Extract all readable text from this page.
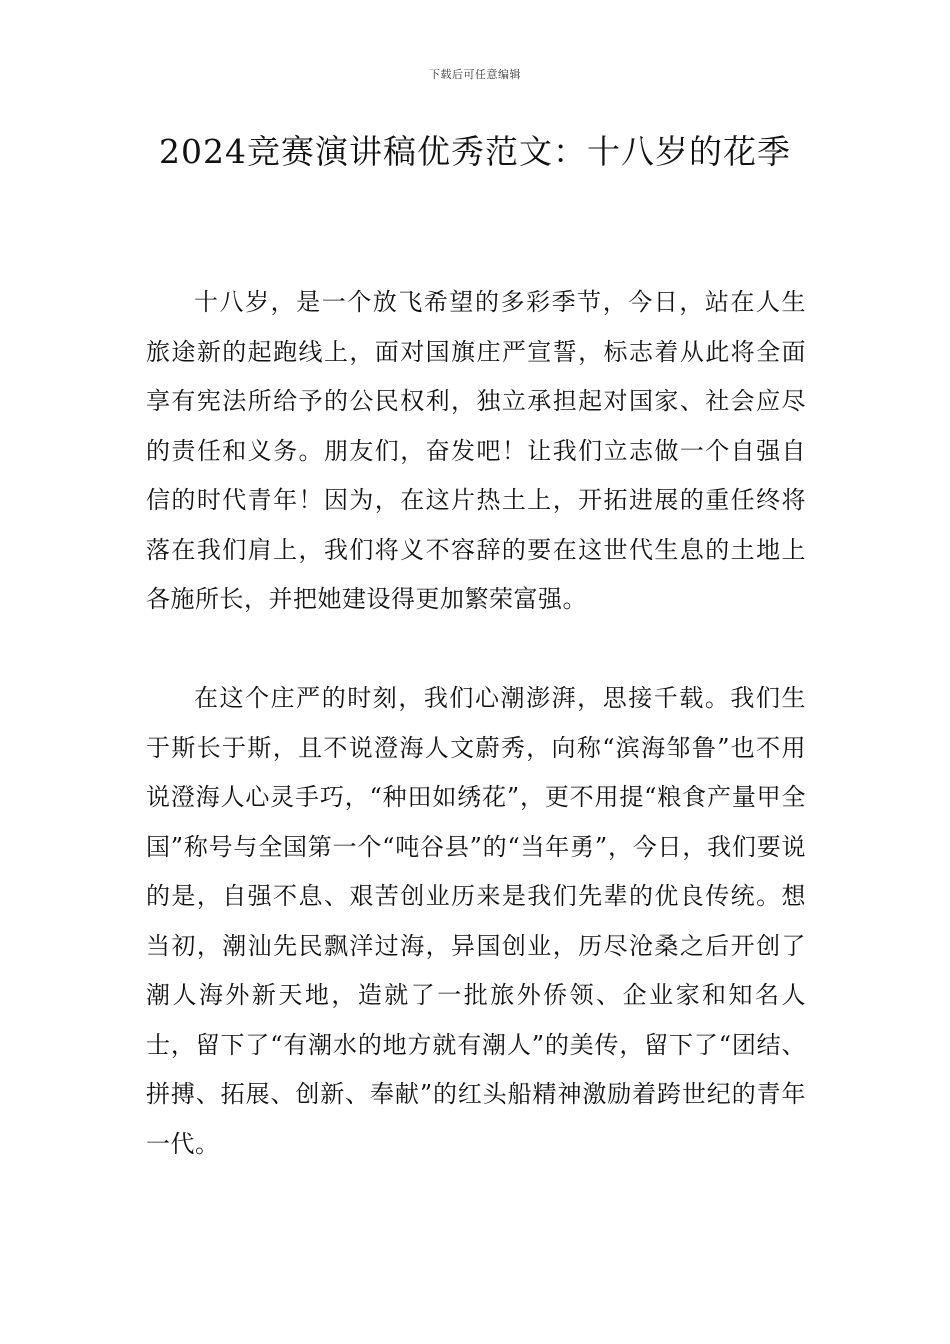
下载后可任意编辑
2024竞赛演讲稿优秀范文：十八岁的花季

十八岁，是一个放飞希望的多彩季节，今日，站在人生旅途新的起跑线上，面对国旗庄严宣誓，标志着从此将全面享有宪法所给予的公民权利，独立承担起对国家、社会应尽的责任和义务。朋友们，奋发吧！让我们立志做一个自强自信的时代青年！因为，在这片热土上，开拓进展的重任终将落在我们肩上，我们将义不容辞的要在这世代生息的土地上各施所长，并把她建设得更加繁荣富强。

在这个庄严的时刻，我们心潮澎湃，思接千载。我们生于斯长于斯，且不说澄海人文蔚秀，向称“滨海邹鲁”也不用说澄海人心灵手巧，“种田如绣花”，更不用提“粮食产量甲全国”称号与全国第一个“吨谷县”的“当年勇”，今日，我们要说的是，自强不息、艰苦创业历来是我们先辈的优良传统。想当初，潮汕先民飘洋过海，异国创业，历尽沧桑之后开创了潮人海外新天地，造就了一批旅外侨领、企业家和知名人士，留下了“有潮水的地方就有潮人”的美传，留下了“团结、拼搏、拓展、创新、奉献”的红头船精神激励着跨世纪的青年一代。
